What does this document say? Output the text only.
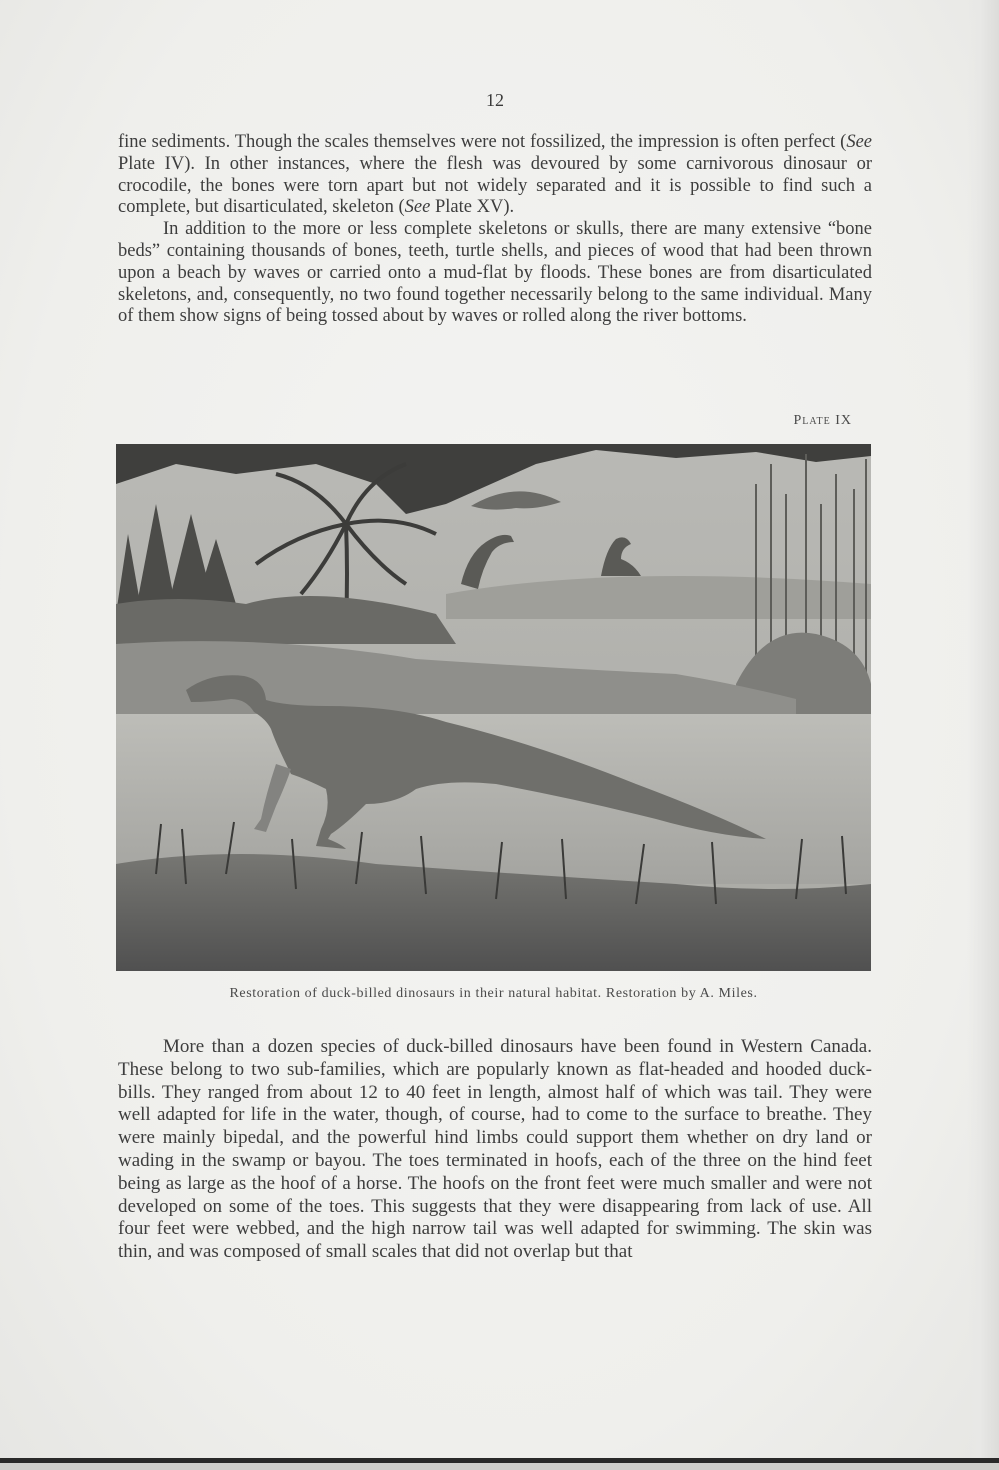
12

fine sediments. Though the scales themselves were not fossilized, the impression is often perfect (See Plate IV). In other instances, where the flesh was devoured by some carnivorous dinosaur or crocodile, the bones were torn apart but not widely separated and it is possible to find such a complete, but disarticulated, skeleton (See Plate XV).

In addition to the more or less complete skeletons or skulls, there are many extensive “bone beds” containing thousands of bones, teeth, turtle shells, and pieces of wood that had been thrown upon a beach by waves or carried onto a mud-flat by floods. These bones are from disarticulated skeletons, and, consequently, no two found together necessarily belong to the same individual. Many of them show signs of being tossed about by waves or rolled along the river bottoms.

Plate IX
Restoration of duck-billed dinosaurs in their natural habitat. Restoration by A. Miles.

More than a dozen species of duck-billed dinosaurs have been found in Western Canada. These belong to two sub-families, which are popularly known as flat-headed and hooded duck-bills. They ranged from about 12 to 40 feet in length, almost half of which was tail. They were well adapted for life in the water, though, of course, had to come to the surface to breathe. They were mainly bipedal, and the powerful hind limbs could support them whether on dry land or wading in the swamp or bayou. The toes terminated in hoofs, each of the three on the hind feet being as large as the hoof of a horse. The hoofs on the front feet were much smaller and were not developed on some of the toes. This suggests that they were disappearing from lack of use. All four feet were webbed, and the high narrow tail was well adapted for swimming. The skin was thin, and was composed of small scales that did not overlap but that
